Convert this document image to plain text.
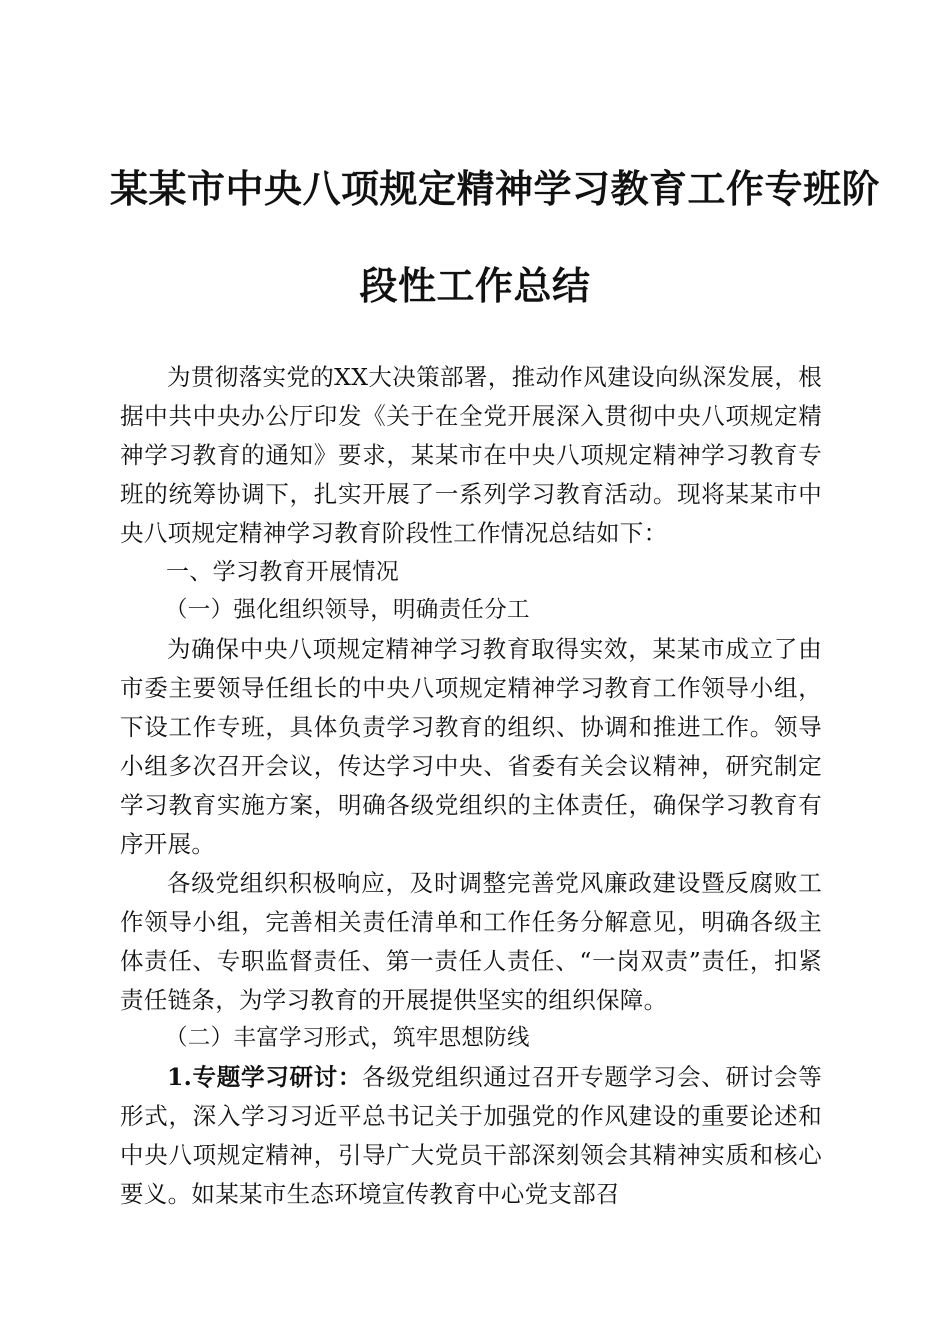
某某市中央八项规定精神学习教育工作专班阶
段性工作总结

为贯彻落实党的XX大决策部署，推动作风建设向纵深发展，根据中共中央办公厅印发《关于在全党开展深入贯彻中央八项规定精神学习教育的通知》要求，某某市在中央八项规定精神学习教育专班的统筹协调下，扎实开展了一系列学习教育活动。现将某某市中央八项规定精神学习教育阶段性工作情况总结如下：

一、学习教育开展情况

（一）强化组织领导，明确责任分工

为确保中央八项规定精神学习教育取得实效，某某市成立了由市委主要领导任组长的中央八项规定精神学习教育工作领导小组，下设工作专班，具体负责学习教育的组织、协调和推进工作。领导小组多次召开会议，传达学习中央、省委有关会议精神，研究制定学习教育实施方案，明确各级党组织的主体责任，确保学习教育有序开展。

各级党组织积极响应，及时调整完善党风廉政建设暨反腐败工作领导小组，完善相关责任清单和工作任务分解意见，明确各级主体责任、专职监督责任、第一责任人责任、“一岗双责”责任，扣紧责任链条，为学习教育的开展提供坚实的组织保障。

（二）丰富学习形式，筑牢思想防线

1.专题学习研讨：各级党组织通过召开专题学习会、研讨会等形式，深入学习习近平总书记关于加强党的作风建设的重要论述和中央八项规定精神，引导广大党员干部深刻领会其精神实质和核心要义。如某某市生态环境宣传教育中心党支部召
